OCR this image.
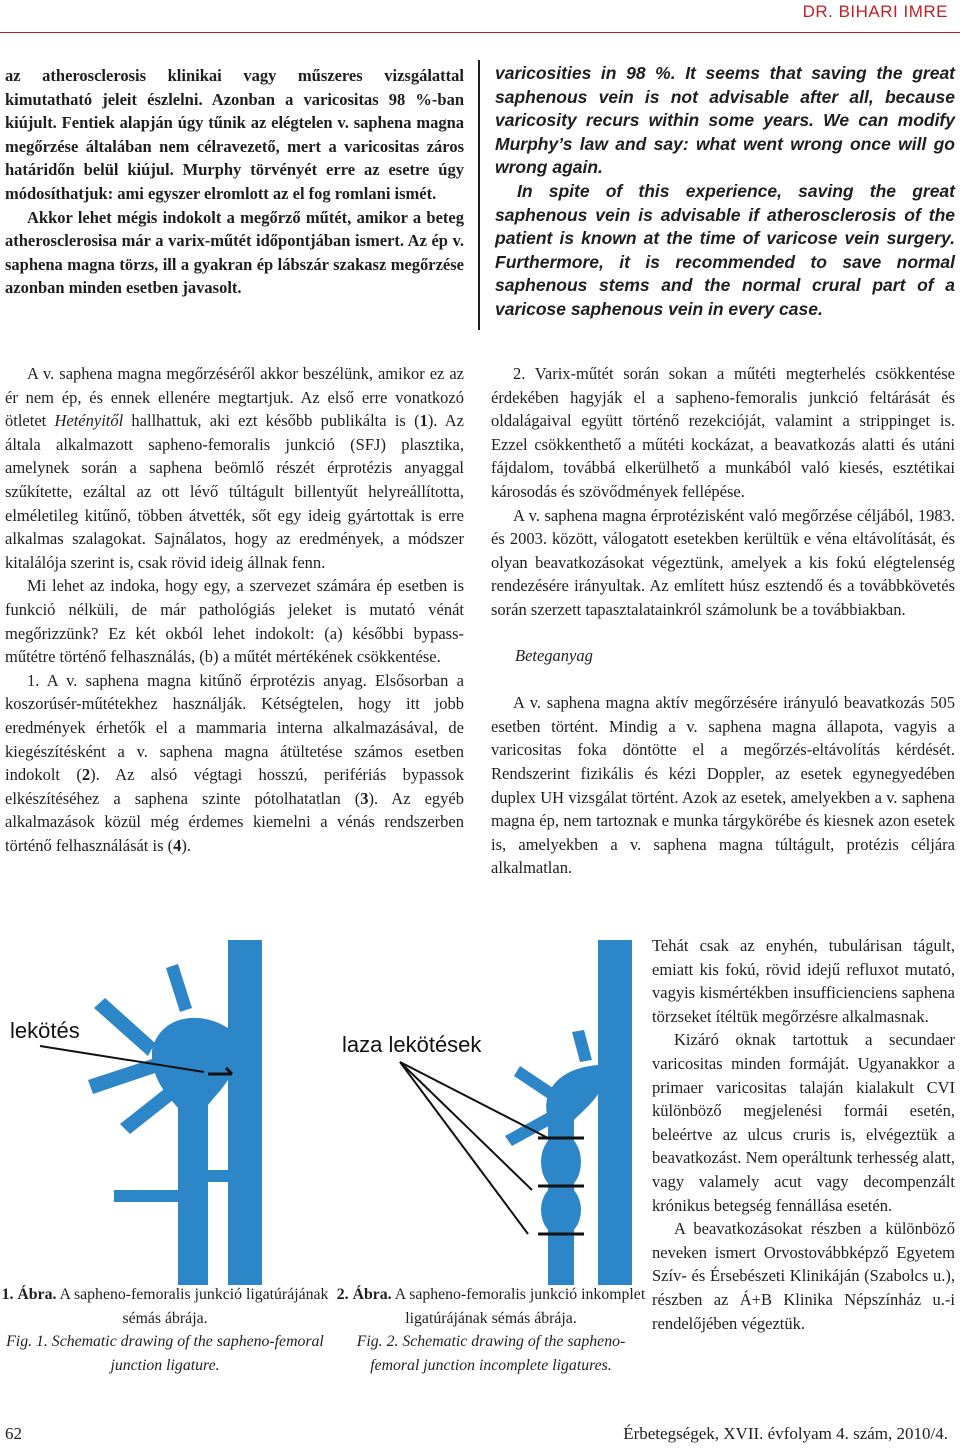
DR. BIHARI IMRE

az atherosclerosis klinikai vagy műszeres vizsgálattal kimutatható jeleit észlelni. Azonban a varicositas 98 %-ban kiújult. Fentiek alapján úgy tűnik az elégtelen v. saphena magna megőrzése általában nem célravezető, mert a varicositas záros határidőn belül kiújul. Murphy törvényét erre az esetre úgy módosíthatjuk: ami egyszer elromlott az el fog romlani ismét.

Akkor lehet mégis indokolt a megőrző műtét, amikor a beteg atherosclerosisa már a varix-műtét időpontjában ismert. Az ép v. saphena magna törzs, ill a gyakran ép lábszár szakasz megőrzése azonban minden esetben javasolt.

varicosities in 98 %. It seems that saving the great saphenous vein is not advisable after all, because varicosity recurs within some years. We can modify Murphy’s law and say: what went wrong once will go wrong again.

In spite of this experience, saving the great saphenous vein is advisable if atherosclerosis of the patient is known at the time of varicose vein surgery. Furthermore, it is recommended to save normal saphenous stems and the normal crural part of a varicose saphenous vein in every case.

A v. saphena magna megőrzéséről akkor beszélünk, amikor ez az ér nem ép, és ennek ellenére megtartjuk. Az első erre vonatkozó ötletet Hetényitől hallhattuk, aki ezt később publikálta is (1). Az általa alkalmazott sapheno-femoralis junkció (SFJ) plasztika, amelynek során a saphena beömlő részét érprotézis anyaggal szűkítette, ezáltal az ott lévő túltágult billentyűt helyreállította, elméletileg kitűnő, többen átvették, sőt egy ideig gyártottak is erre alkalmas szalagokat. Sajnálatos, hogy az eredmények, a módszer kitalálója szerint is, csak rövid ideig állnak fenn.

Mi lehet az indoka, hogy egy, a szervezet számára ép esetben is funkció nélküli, de már pathológiás jeleket is mutató vénát megőrizzünk? Ez két okból lehet indokolt: (a) későbbi bypass-műtétre történő felhasználás, (b) a műtét mértékének csökkentése.

1. A v. saphena magna kitűnő érprotézis anyag. Elsősorban a koszorúsér-műtétekhez használják. Kétségtelen, hogy itt jobb eredmények érhetők el a mammaria interna alkalmazásával, de kiegészítésként a v. saphena magna átültetése számos esetben indokolt (2). Az alsó végtagi hosszú, perifériás bypassok elkészítéséhez a saphena szinte pótolhatatlan (3). Az egyéb alkalmazások közül még érdemes kiemelni a vénás rendszerben történő felhasználását is (4).

2. Varix-műtét során sokan a műtéti megterhelés csökkentése érdekében hagyják el a sapheno-femoralis junkció feltárását és oldalágaival együtt történő rezekcióját, valamint a strippinget is. Ezzel csökkenthető a műtéti kockázat, a beavatkozás alatti és utáni fájdalom, továbbá elkerülhető a munkából való kiesés, esztétikai károsodás és szövődmények fellépése.

A v. saphena magna érprotézisként való megőrzése céljából, 1983. és 2003. között, válogatott esetekben kerültük e véna eltávolítását, és olyan beavatkozásokat végeztünk, amelyek a kis fokú elégtelenség rendezésére irányultak. Az említett húsz esztendő és a továbbkövetés során szerzett tapasztalatainkról számolunk be a továbbiakban.

Beteganyag

A v. saphena magna aktív megőrzésére irányuló beavatkozás 505 esetben történt. Mindig a v. saphena magna állapota, vagyis a varicositas foka döntötte el a megőrzés-eltávolítás kérdését. Rendszerint fizikális és kézi Doppler, az esetek egynegyedében duplex UH vizsgálat történt. Azok az esetek, amelyekben a v. saphena magna ép, nem tartoznak e munka tárgykörébe és kiesnek azon esetek is, amelyekben a v. saphena magna túltágult, protézis céljára alkalmatlan.

Tehát csak az enyhén, tubulárisan tágult, emiatt kis fokú, rövid idejű refluxot mutató, vagyis kismértékben insufficienciens saphena törzseket ítéltük megőrzésre alkalmasnak.

Kizáró oknak tartottuk a secundaer varicositas minden formáját. Ugyanakkor a primaer varicositas talaján kialakult CVI különböző megjelenési formái esetén, beleértve az ulcus cruris is, elvégeztük a beavatkozást. Nem operáltunk terhesség alatt, vagy valamely acut vagy decompenzált krónikus betegség fennállása esetén.

A beavatkozásokat részben a különböző neveken ismert Orvostovábbképző Egyetem Szív- és Érsebészeti Klinikáján (Szabolcs u.), részben az Á+B Klinika Népszínház u.-i rendelőjében végeztük.

lekötés
laza lekötések

1. Ábra. A sapheno-femoralis junkció ligatúrájának sémás ábrája.

Fig. 1. Schematic drawing of the sapheno-femoral junction ligature.

2. Ábra. A sapheno-femoralis junkció inkomplet ligatúrájának sémás ábrája.

Fig. 2. Schematic drawing of the sapheno-femoral junction incomplete ligatures.

62	Érbetegségek, XVII. évfolyam 4. szám, 2010/4.
